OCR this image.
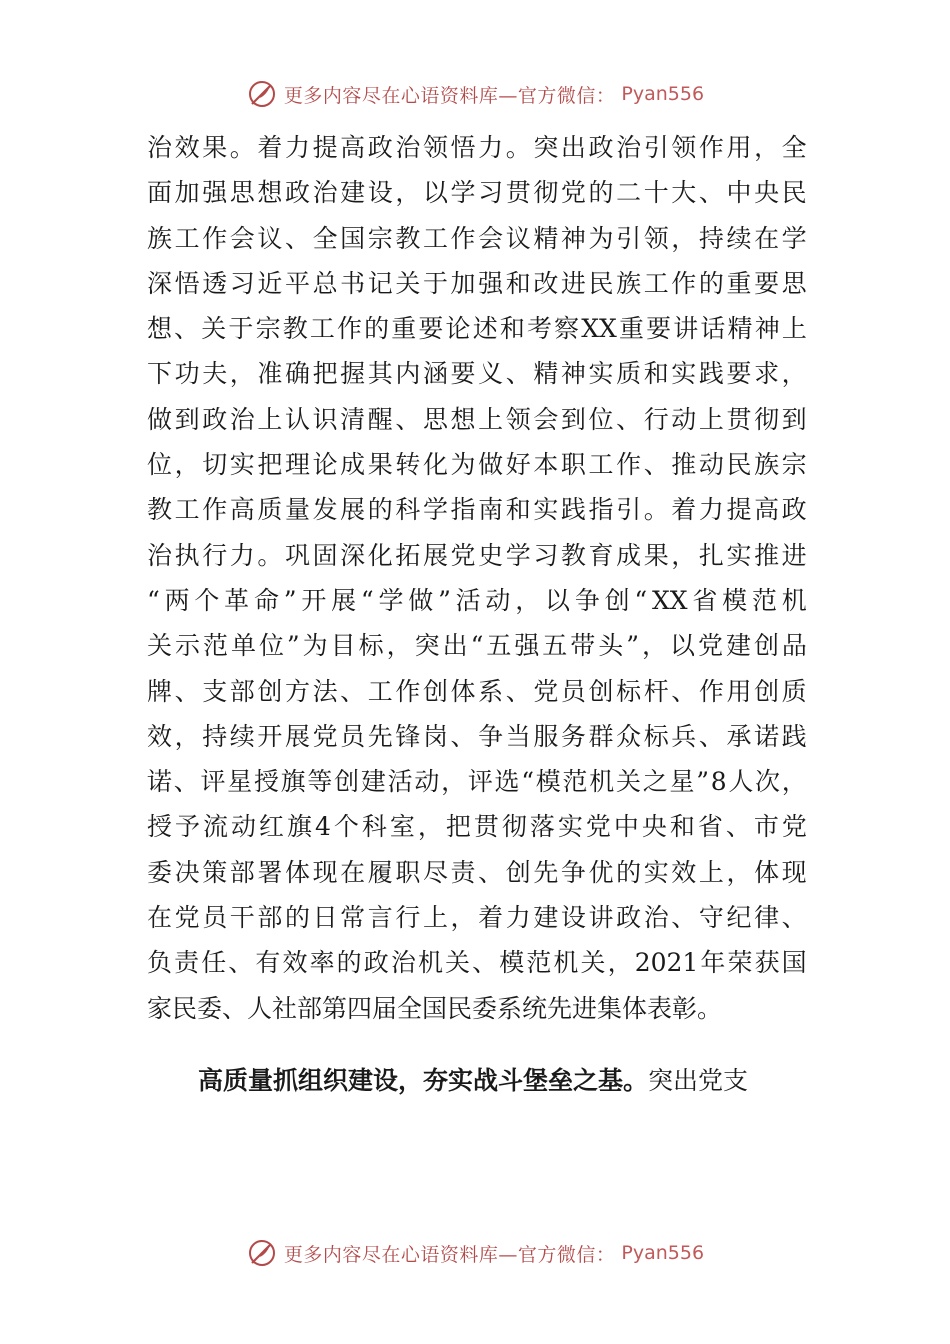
更多内容尽在心语资料库—官方微信： Pyan556
治 效 果 。 着 力 提 高 政 治 领 悟 力 。 突 出 政 治 引 领 作 用 ， 全
面 加 强 思 想 政 治 建 设 ， 以 学 习 贯 彻 党 的 二 十 大 、 中 央 民
族 工 作 会 议 、 全 国 宗 教 工 作 会 议 精 神 为 引 领 ， 持 续 在 学
深 悟 透 习 近 平 总 书 记 关 于 加 强 和 改 进 民 族 工 作 的 重 要 思
想 、 关 于 宗 教 工 作 的 重 要 论 述 和 考 察 XX 重 要 讲 话 精 神 上
下 功 夫 ， 准 确 把 握 其 内 涵 要 义 、 精 神 实 质 和 实 践 要 求 ，
做 到 政 治 上 认 识 清 醒 、 思 想 上 领 会 到 位 、 行 动 上 贯 彻 到
位 ， 切 实 把 理 论 成 果 转 化 为 做 好 本 职 工 作 、 推 动 民 族 宗
教 工 作 高 质 量 发 展 的 科 学 指 南 和 实 践 指 引 。 着 力 提 高 政
治 执 行 力 。 巩 固 深 化 拓 展 党 史 学 习 教 育 成 果 ， 扎 实 推 进
“ 两 个 革 命 ” 开 展 “ 学 做 ” 活 动 ， 以 争 创 “ XX 省 模 范 机
关 示 范 单 位 ” 为 目 标 ， 突 出 “ 五 强 五 带 头 ” ， 以 党 建 创 品
牌 、 支 部 创 方 法 、 工 作 创 体 系 、 党 员 创 标 杆 、 作 用 创 质
效 ， 持 续 开 展 党 员 先 锋 岗 、 争 当 服 务 群 众 标 兵 、 承 诺 践
诺 、 评 星 授 旗 等 创 建 活 动 ， 评 选 “ 模 范 机 关 之 星 ” 8 人 次 ，
授 予 流 动 红 旗 4 个 科 室 ， 把 贯 彻 落 实 党 中 央 和 省 、 市 党
委 决 策 部 署 体 现 在 履 职 尽 责 、 创 先 争 优 的 实 效 上 ， 体 现
在 党 员 干 部 的 日 常 言 行 上 ， 着 力 建 设 讲 政 治 、 守 纪 律 、
负 责 任 、 有 效 率 的 政 治 机 关 、 模 范 机 关 ， 2021 年 荣 获 国
家民委、人社部第四届全国民委系统先进集体表彰。
高质量抓组织建设，夯实战斗堡垒之基。突出党支
更多内容尽在心语资料库—官方微信： Pyan556
